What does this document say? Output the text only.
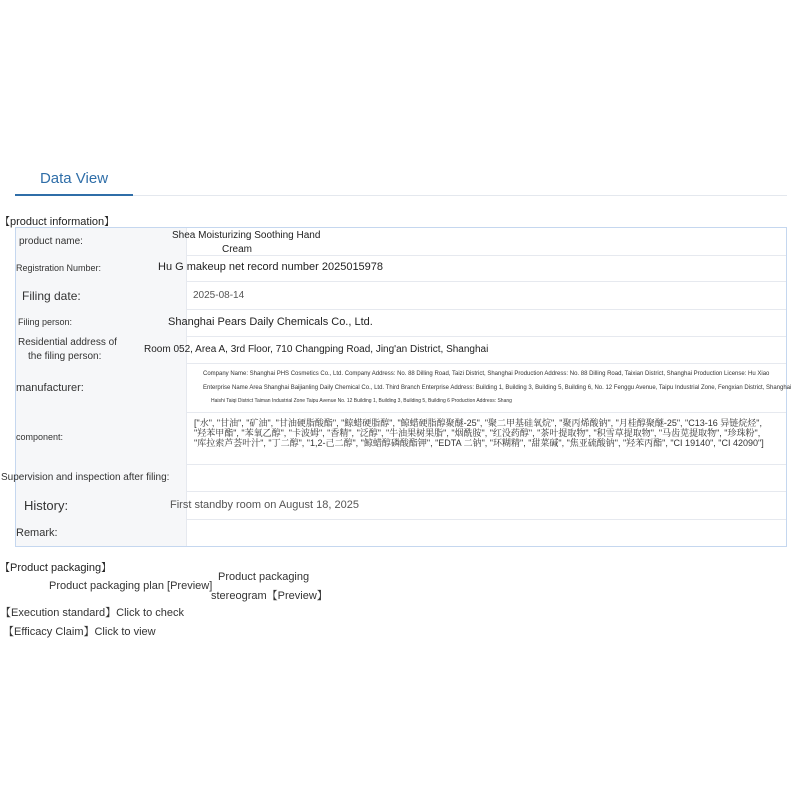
Data View
【product information】
product name:
Shea Moisturizing Soothing Hand
Cream
Registration Number:	Hu G makeup net record number 2025015978
Filing date:	2025-08-14
Filing person:	Shanghai Pears Daily Chemicals Co., Ltd.
Residential address of
the filing person:
Room 052, Area A, 3rd Floor, 710 Changping Road, Jing'an District, Shanghai
manufacturer:
Company Name: Shanghai PHS Cosmetics Co., Ltd. Company Address: No. 88 Dilling Road, Taizi District, Shanghai Production Address: No. 88 Dilling Road, Taixian District, Shanghai Production License: Hu Xiao
Enterprise Name Area Shanghai Baijianling Daily Chemical Co., Ltd. Third Branch Enterprise Address: Building 1, Building 3, Building 5, Building 6, No. 12 Fenggu Avenue, Taipu Industrial Zone, Fengxian District, Shanghai
Haishi Taiqi District Taiman Industrial Zone Taipu Avenue No. 12 Building 1, Building 3, Building 5, Building 6 Production Address: Shang
component:
["水", "甘油", "矿油", "甘油硬脂酸酯", "鲸蜡硬脂醇", "鲸蜡硬脂醇聚醚-25", "聚二甲基硅氧烷", "聚丙烯酸钠", "月桂醇聚醚-25", "C13-16 异链烷烃", "羟苯甲酯", "苯氧乙醇", "卡波姆", "香精", "泛醇", "牛油果树果脂", "烟酰胺", "红没药醇", "茶叶提取物", "积雪草提取物", "马齿苋提取物", "珍珠粉", "库拉索芦荟叶汁", "丁二醇", "1,2-己二醇", "鲸蜡醇磷酸酯钾", "EDTA 二钠", "环糊精", "甜菜碱", "焦亚硫酸钠", "羟苯丙酯", "CI 19140", "CI 42090"]
Supervision and inspection after filing:
History:	First standby room on August 18, 2025
Remark:
【Product packaging】
Product packaging plan [Preview]
Product packaging
stereogram【Preview】
【Execution standard】Click to check
【Efficacy Claim】Click to view
